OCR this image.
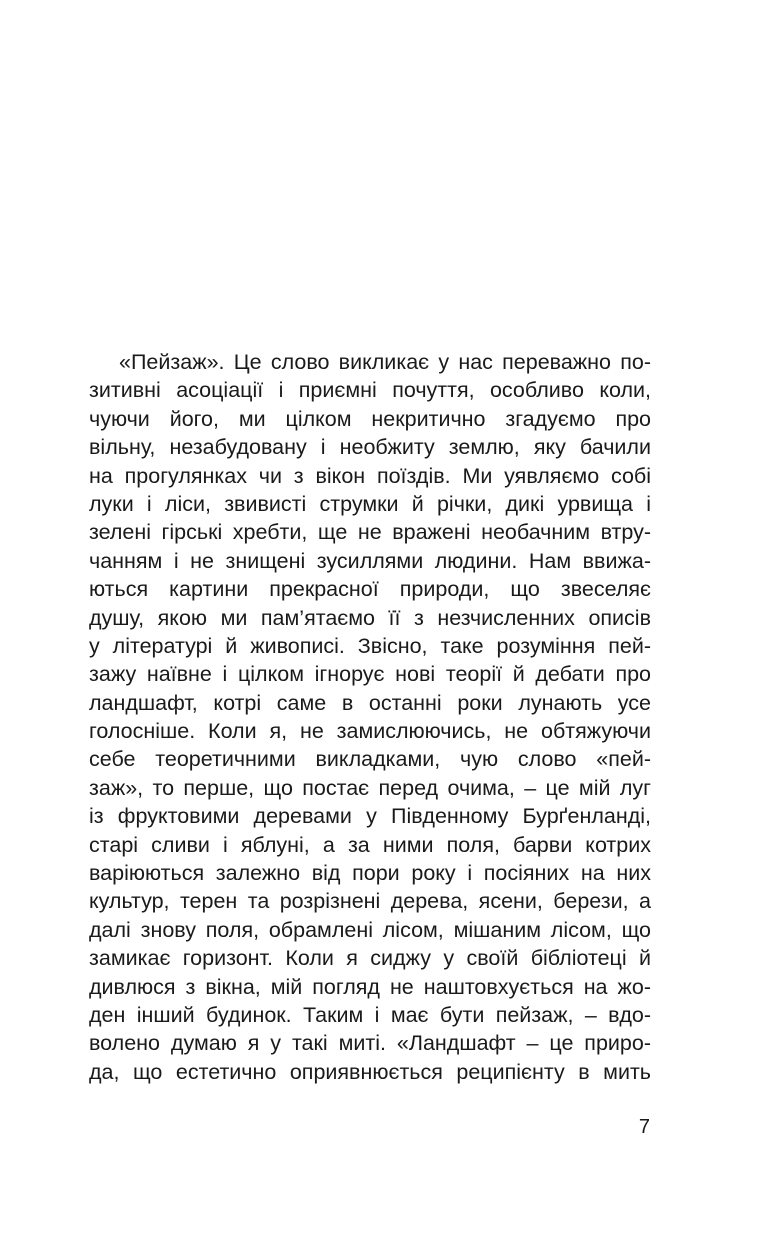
«Пейзаж». Це слово викликає у нас переважно по-
зитивні асоціації і приємні почуття, особливо коли,
чуючи його, ми цілком некритично згадуємо про
вільну, незабудовану і необжиту землю, яку бачили
на прогулянках чи з вікон поїздів. Ми уявляємо собі
луки і ліси, звивисті струмки й річки, дикі урвища і
зелені гірські хребти, ще не вражені необачним втру-
чанням і не знищені зусиллями людини. Нам ввижа-
ються картини прекрасної природи, що звеселяє
душу, якою ми пам’ятаємо її з незчисленних описів
у літературі й живописі. Звісно, таке розуміння пей-
зажу наївне і цілком ігнорує нові теорії й дебати про
ландшафт, котрі саме в останні роки лунають усе
голосніше. Коли я, не замислюючись, не обтяжуючи
себе теоретичними викладками, чую слово «пей-
заж», то перше, що постає перед очима, – це мій луг
із фруктовими деревами у Південному Бурґенланді,
старі сливи і яблуні, а за ними поля, барви котрих
варіюються залежно від пори року і посіяних на них
культур, терен та розрізнені дерева, ясени, берези, а
далі знову поля, обрамлені лісом, мішаним лісом, що
замикає горизонт. Коли я сиджу у своїй бібліотеці й
дивлюся з вікна, мій погляд не наштовхується на жо-
ден інший будинок. Таким і має бути пейзаж, – вдо-
волено думаю я у такі миті. «Ландшафт – це приро-
да, що естетично оприявнюється реципієнту в мить
7
